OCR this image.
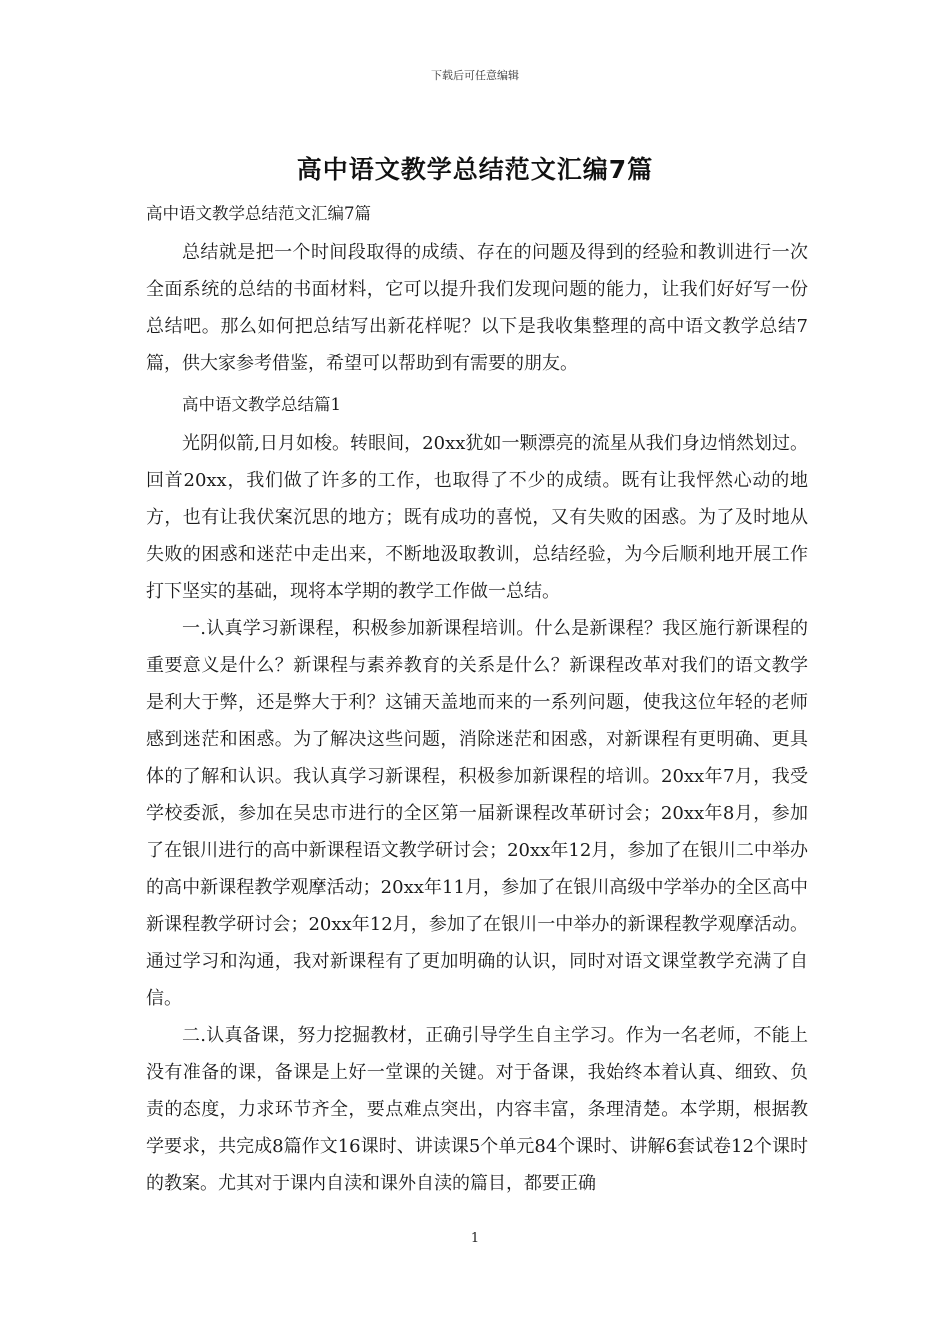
下载后可任意编辑
高中语文教学总结范文汇编7篇

高中语文教学总结范文汇编7篇

总结就是把一个时间段取得的成绩、存在的问题及得到的经验和教训进行一次全面系统的总结的书面材料，它可以提升我们发现问题的能力，让我们好好写一份总结吧。那么如何把总结写出新花样呢？以下是我收集整理的高中语文教学总结7篇，供大家参考借鉴，希望可以帮助到有需要的朋友。

高中语文教学总结篇1

光阴似箭,日月如梭。转眼间，20xx犹如一颗漂亮的流星从我们身边悄然划过。回首20xx，我们做了许多的工作，也取得了不少的成绩。既有让我怦然心动的地方，也有让我伏案沉思的地方；既有成功的喜悦，又有失败的困惑。为了及时地从失败的困惑和迷茫中走出来，不断地汲取教训，总结经验，为今后顺利地开展工作打下坚实的基础，现将本学期的教学工作做一总结。

一.认真学习新课程，积极参加新课程培训。什么是新课程？我区施行新课程的重要意义是什么？新课程与素养教育的关系是什么？新课程改革对我们的语文教学是利大于弊，还是弊大于利？这铺天盖地而来的一系列问题，使我这位年轻的老师感到迷茫和困惑。为了解决这些问题，消除迷茫和困惑，对新课程有更明确、更具体的了解和认识。我认真学习新课程，积极参加新课程的培训。20xx年7月，我受学校委派，参加在吴忠市进行的全区第一届新课程改革研讨会；20xx年8月，参加了在银川进行的高中新课程语文教学研讨会；20xx年12月，参加了在银川二中举办的高中新课程教学观摩活动；20xx年11月，参加了在银川高级中学举办的全区高中新课程教学研讨会；20xx年12月，参加了在银川一中举办的新课程教学观摩活动。通过学习和沟通，我对新课程有了更加明确的认识，同时对语文课堂教学充满了自信。

二.认真备课，努力挖掘教材，正确引导学生自主学习。作为一名老师，不能上没有准备的课，备课是上好一堂课的关键。对于备课，我始终本着认真、细致、负责的态度，力求环节齐全，要点难点突出，内容丰富，条理清楚。本学期，根据教学要求，共完成8篇作文16课时、讲读课5个单元84个课时、讲解6套试卷12个课时的教案。尤其对于课内自渎和课外自渎的篇目，都要正确

1
